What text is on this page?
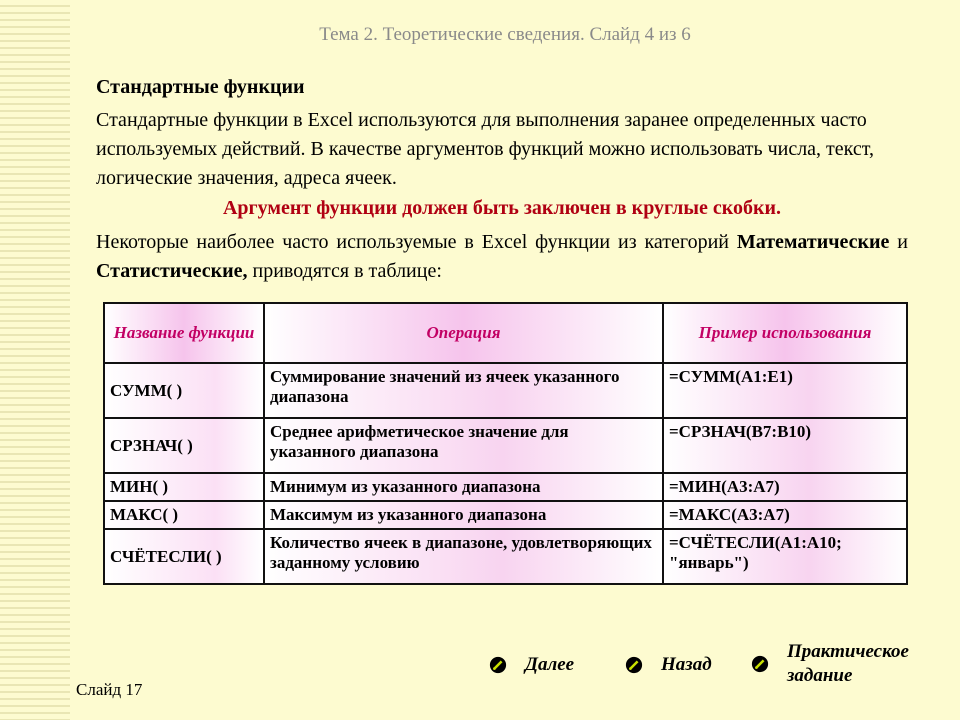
Тема 2. Теоретические сведения. Слайд 4 из 6
Стандартные функции
Стандартные функции в Excel используются для выполнения заранее определенных часто используемых действий. В качестве аргументов функций можно использовать числа, текст, логические значения, адреса ячеек.
Аргумент функции должен быть заключен в круглые скобки.
Некоторые наиболее часто используемые в Excel функции из категорий Математические и Статистические, приводятся в таблице:
Название функции	Операция	Пример использования
СУММ( )	Суммирование значений из ячеек указанного диапазона	=СУММ(А1:Е1)
СРЗНАЧ( )	Среднее арифметическое значение для указанного диапазона	=СРЗНАЧ(В7:В10)
МИН( )	Минимум из указанного диапазона	=МИН(А3:А7)
МАКС( )	Максимум из указанного диапазона	=МАКС(А3:А7)
СЧЁТЕСЛИ( )	Количество ячеек в диапазоне, удовлетворяющих заданному условию	=СЧЁТЕСЛИ(А1:А10; "январь")
Далее	Назад
Практическое
задание
Слайд 17
